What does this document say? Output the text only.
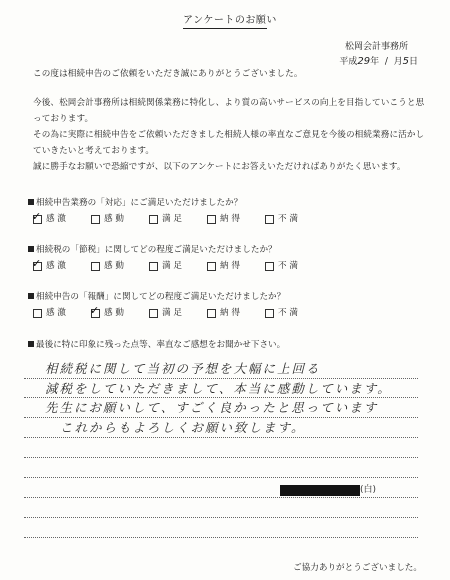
アンケートのお願い
松岡会計事務所
平成29年 / 月5日
この度は相続申告のご依頼をいただき誠にありがとうございました。
今後、松岡会計事務所は相続関係業務に特化し、より質の高いサービスの向上を目指していこうと思
っております。
その為に実際に相続申告をご依頼いただきました相続人様の率直なご意見を今後の相続業務に活かし
ていきたいと考えております。
誠に勝手なお願いで恐縮ですが、以下のアンケートにお答えいただければありがたく思います。
相続申告業務の「対応」にご満足いただけましたか？
✓ 感 激	感 動	満 足	納 得	不 満
相続税の「節税」に関してどの程度ご満足いただけましたか？
✓ 感 激	感 動	満 足	納 得	不 満
相続申告の「報酬」に関してどの程度ご満足いただけましたか？
感 激 ✓ 感 動	満 足	納 得	不 満
最後に特に印象に残った点等、率直なご感想をお聞かせ下さい。
相続税に関して当初の予想を大幅に上回る
減税をしていただきまして、本当に感動しています。
先生にお願いして、すごく良かったと思っています
これからもよろしくお願い致します。
(白)
ご協力ありがとうございました。
